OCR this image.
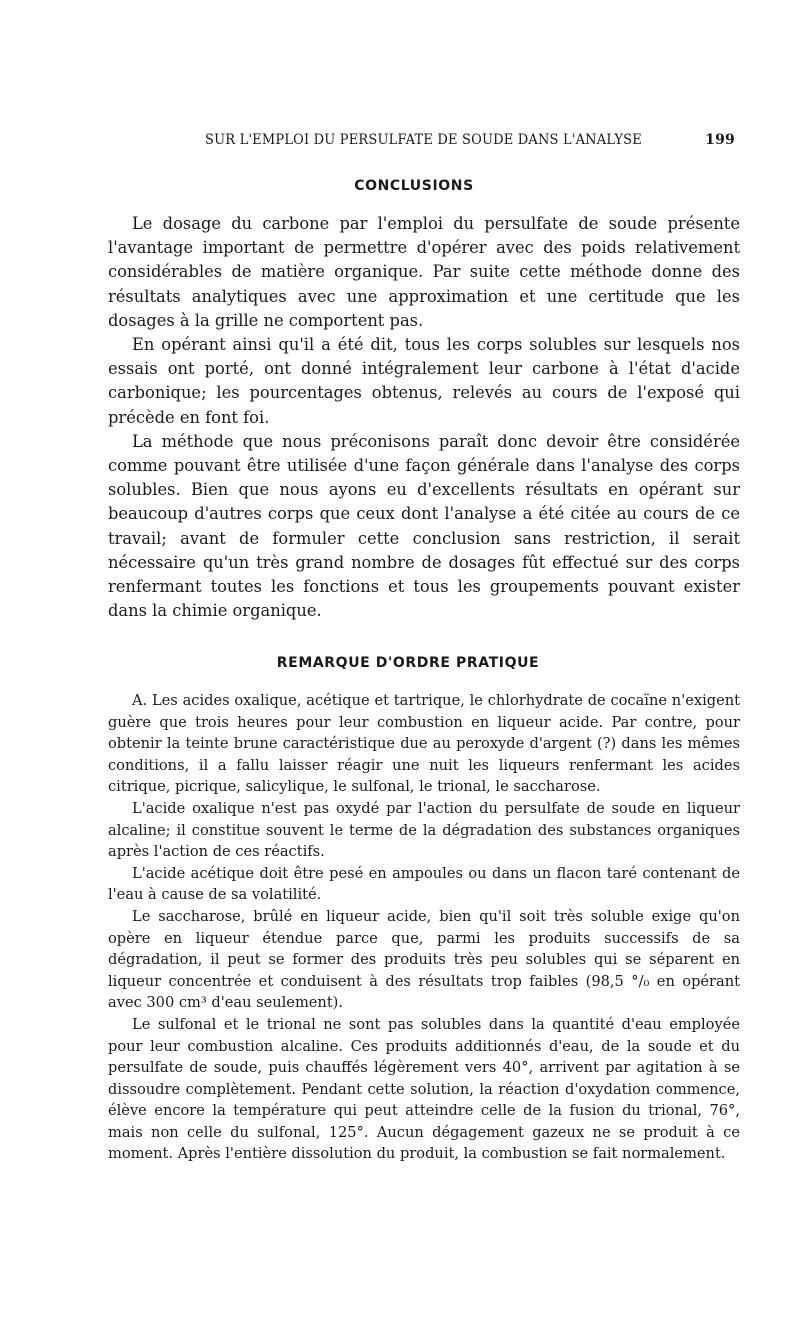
SUR L'EMPLOI DU PERSULFATE DE SOUDE DANS L'ANALYSE	199
CONCLUSIONS

Le dosage du carbone par l'emploi du persulfate de soude présente l'avantage important de permettre d'opérer avec des poids relativement considérables de matière organique. Par suite cette méthode donne des résultats analytiques avec une approximation et une certitude que les dosages à la grille ne comportent pas.

En opérant ainsi qu'il a été dit, tous les corps solubles sur lesquels nos essais ont porté, ont donné intégralement leur carbone à l'état d'acide carbonique; les pourcentages obtenus, relevés au cours de l'exposé qui précède en font foi.

La méthode que nous préconisons paraît donc devoir être considérée comme pouvant être utilisée d'une façon générale dans l'analyse des corps solubles. Bien que nous ayons eu d'excellents résultats en opérant sur beaucoup d'autres corps que ceux dont l'analyse a été citée au cours de ce travail; avant de formuler cette conclusion sans restriction, il serait nécessaire qu'un très grand nombre de dosages fût effectué sur des corps renfermant toutes les fonctions et tous les groupements pouvant exister dans la chimie organique.

REMARQUE D'ORDRE PRATIQUE

A. Les acides oxalique, acétique et tartrique, le chlorhydrate de cocaïne n'exigent guère que trois heures pour leur combustion en liqueur acide. Par contre, pour obtenir la teinte brune caractéristique due au peroxyde d'argent (?) dans les mêmes conditions, il a fallu laisser réagir une nuit les liqueurs renfermant les acides citrique, picrique, salicylique, le sulfonal, le trional, le saccharose.

L'acide oxalique n'est pas oxydé par l'action du persulfate de soude en liqueur alcaline; il constitue souvent le terme de la dégradation des substances organiques après l'action de ces réactifs.

L'acide acétique doit être pesé en ampoules ou dans un flacon taré contenant de l'eau à cause de sa volatilité.

Le saccharose, brûlé en liqueur acide, bien qu'il soit très soluble exige qu'on opère en liqueur étendue parce que, parmi les produits successifs de sa dégradation, il peut se former des produits très peu solubles qui se séparent en liqueur concentrée et conduisent à des résultats trop faibles (98,5 °/₀ en opérant avec 300 cm³ d'eau seulement).

Le sulfonal et le trional ne sont pas solubles dans la quantité d'eau employée pour leur combustion alcaline. Ces produits additionnés d'eau, de la soude et du persulfate de soude, puis chauffés légèrement vers 40°, arrivent par agitation à se dissoudre complètement. Pendant cette solution, la réaction d'oxydation commence, élève encore la température qui peut atteindre celle de la fusion du trional, 76°, mais non celle du sulfonal, 125°. Aucun dégagement gazeux ne se produit à ce moment. Après l'entière dissolution du produit, la combustion se fait normalement.
